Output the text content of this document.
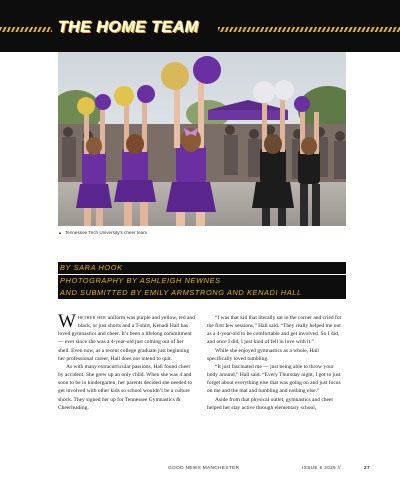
THE HOME TEAM
▲ Tennessee Tech University’s cheer team
BY SARA HOOK
PHOTOGRAPHY BY ASHLEIGH NEWNES
AND SUBMITTED BY EMILY ARMSTRONG AND KENADI HALL

Whether her uniform was purple and yellow, red and black, or just shorts and a T-shirt, Kenadi Hall has loved gymnastics and cheer. It’s been a lifelong commitment — ever since she was a 4-year-old just coming out of her shell. Even now, as a recent college graduate just beginning her professional career, Hall does not intend to quit.

As with many extracurricular passions, Hall found cheer by accident. She grew up an only child. When she was 4 and soon to be in kindergarten, her parents decided she needed to get involved with other kids so school wouldn’t be a culture shock. They signed her up for Tennessee Gymnastics & Cheerleading.

“I was that kid that literally sat in the corner and cried for the first few sessions,” Hall said. “They really helped me out as a 4-year-old to be comfortable and get involved. So I did, and once I did, I just kind of fell in love with it.”

While she enjoyed gymnastics as a whole, Hall specifically loved tumbling.

“It just fascinated me — just being able to throw your body around,” Hall said. “Every Thursday night, I got to just forget about everything else that was going on and just focus on me and the mat and tumbling and nothing else.”

Aside from that physical outlet, gymnastics and cheer helped her stay active through elementary school,

GOOD NEWS MANCHESTER	ISSUE 8 2025 //	27
